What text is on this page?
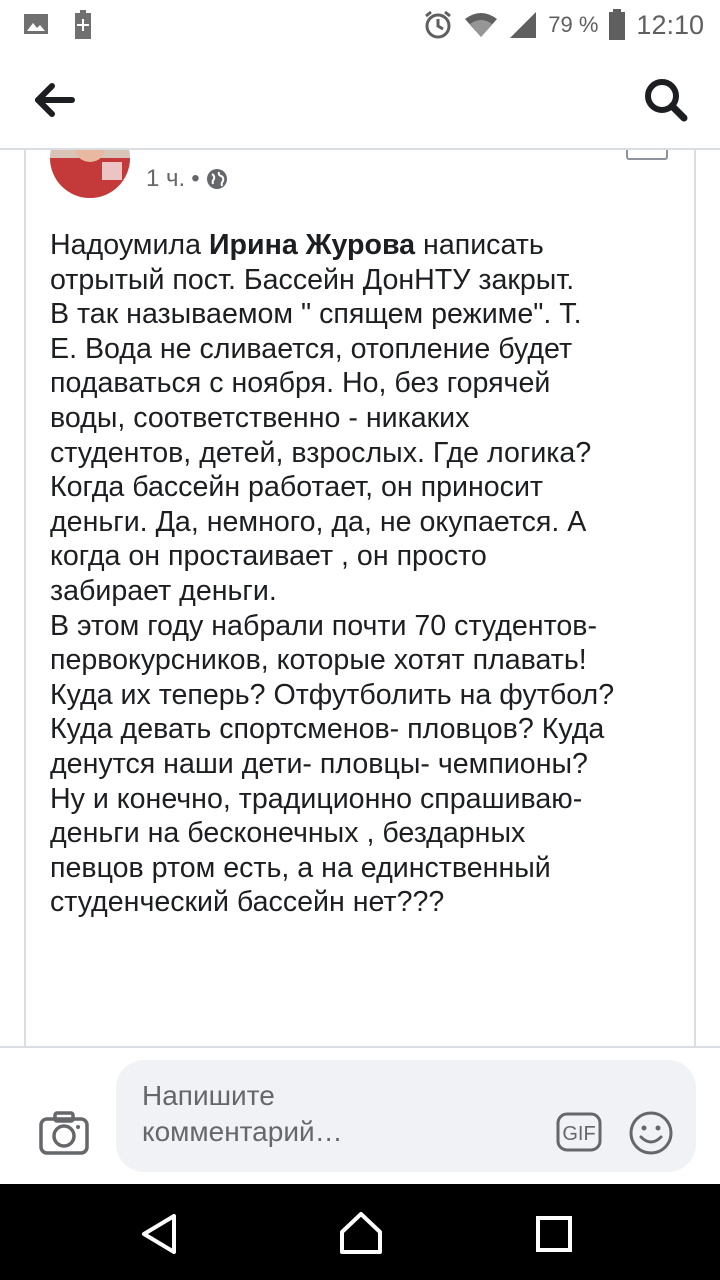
79 % 12:10
1 ч. •
Надоумила Ирина Журова написать
отрытый пост. Бассейн ДонНТУ закрыт.
В так называемом " спящем режиме". Т.
Е. Вода не сливается, отопление будет
подаваться с ноября. Но, без горячей
воды, соответственно - никаких
студентов, детей, взрослых. Где логика?
Когда бассейн работает, он приносит
деньги. Да, немного, да, не окупается. А
когда он простаивает , он просто
забирает деньги.
В этом году набрали почти 70 студентов-
первокурсников, которые хотят плавать!
Куда их теперь? Отфутболить на футбол?
Куда девать спортсменов- пловцов? Куда
денутся наши дети- пловцы- чемпионы?
Ну и конечно, традиционно спрашиваю-
деньги на бесконечных , бездарных
певцов ртом есть, а на единственный
студенческий бассейн нет???
Напишите
комментарий…	GIF
